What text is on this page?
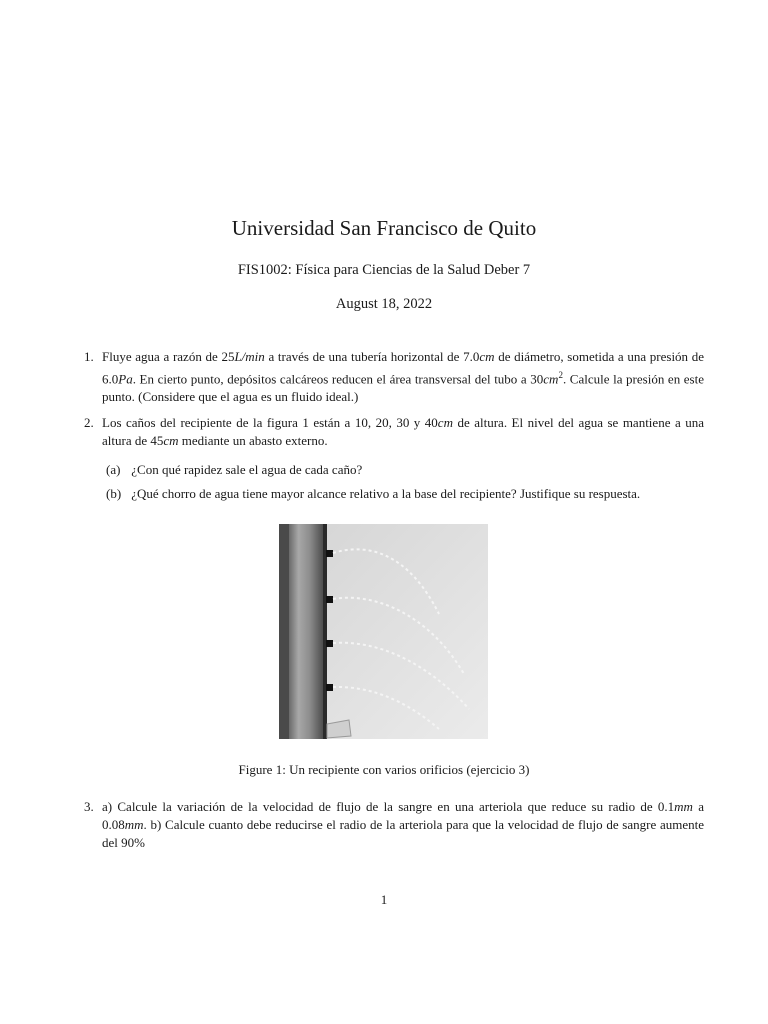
Universidad San Francisco de Quito
FIS1002: Física para Ciencias de la Salud Deber 7
August 18, 2022
1. Fluye agua a razón de 25L/min a través de una tubería horizontal de 7.0cm de diámetro, sometida a una presión de 6.0Pa. En cierto punto, depósitos calcáreos reducen el área transversal del tubo a $30cm^2$. Calcule la presión en este punto. (Considere que el agua es un fluido ideal.)
2. Los caños del recipiente de la figura 1 están a 10, 20, 30 y 40cm de altura. El nivel del agua se mantiene a una altura de 45cm mediante un abasto externo.
(a) ¿Con qué rapidez sale el agua de cada caño?
(b) ¿Qué chorro de agua tiene mayor alcance relativo a la base del recipiente? Justifique su respuesta.
Figure 1: Un recipiente con varios orificios (ejercicio 3)
3. a) Calcule la variación de la velocidad de flujo de la sangre en una arteriola que reduce su radio de 0.1mm a 0.08mm. b) Calcule cuanto debe reducirse el radio de la arteriola para que la velocidad de flujo de sangre aumente del 90%
1
